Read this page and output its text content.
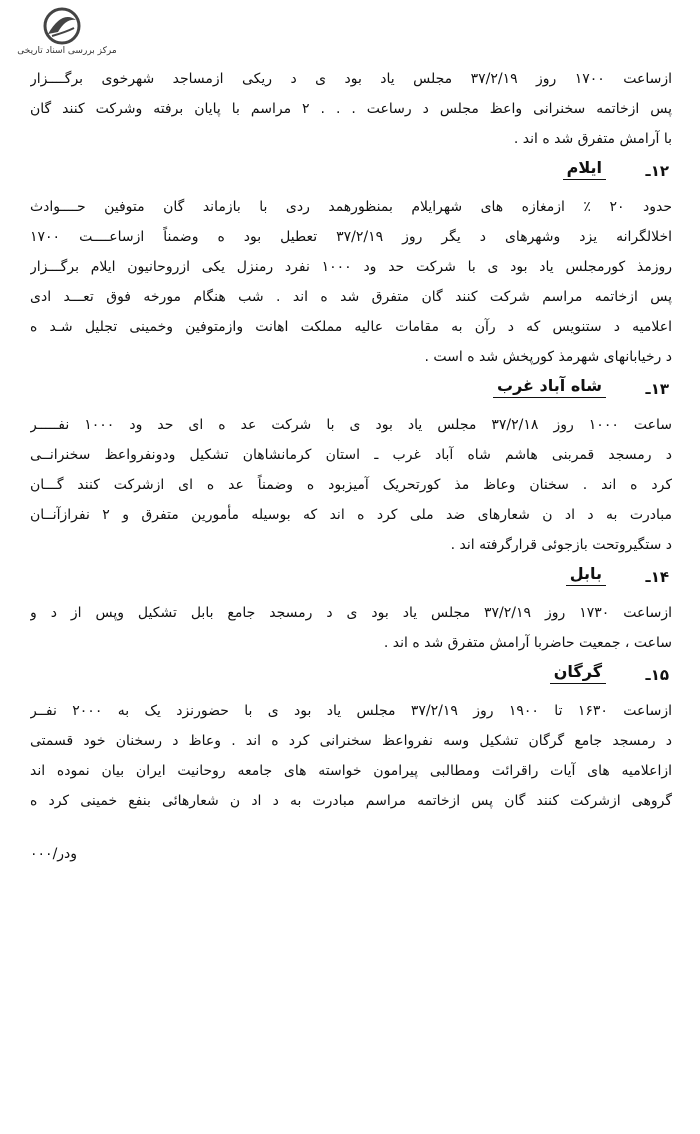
مرکز بررسی اسناد تاریخی
ازساعت ۱۷۰۰ روز ۳۷/۲/۱۹ مجلس یاد بود ی د ریکی ازمساجد شهرخوی برگــــزار
پس ازخاتمه سخنرانی واعظ مجلس د رساعت . . . ۲ مراسم با پایان برفته وشرکت کنند گان
با آرامش متفرق شد ه اند .
۱۲ـ
ایلام
حدود ۲۰ ٪ ازمغازه های شهرایلام بمنظورهمد ردی با بازماند گان متوفین حــــوادث
اخلالگرانه یزد وشهرهای د یگر روز ۳۷/۲/۱۹ تعطیل بود ه وضمناً ازساعــــت ۱۷۰۰
روزمذ کورمجلس یاد بود ی با شرکت حد ود ۱۰۰۰ نفرد رمنزل یکی ازروحانیون ایلام برگـــزار
پس ازخاتمه مراسم شرکت کنند گان متفرق شد ه اند . شب هنگام مورخه فوق تعـــد ادی
اعلامیه د ستنویس که د رآن به مقامات عالیه مملکت اهانت وازمتوفین وخمینی تجلیل شـد ه
د رخیابانهای شهرمذ کورپخش شد ه است .
۱۳ـ
شاه آباد غرب
ساعت ۱۰۰۰ روز ۳۷/۲/۱۸ مجلس یاد بود ی با شرکت عد ه ای حد ود ۱۰۰۰ نفـــــر
د رمسجد قمربنی هاشم شاه آباد غرب ـ استان کرمانشاهان تشکیل ودونفرواعظ سخنرانــی
کرد ه اند . سخنان وعاظ مذ کورتحریک آمیزبود ه وضمناً عد ه ای ازشرکت کنند گـــان
مبادرت به د اد ن شعارهای ضد ملی کرد ه اند که بوسیله مأمورین متفرق و ۲ نفرازآنــان
د ستگیروتحت بازجوئی قرارگرفته اند .
۱۴ـ
بابل
ازساعت ۱۷۳۰ روز ۳۷/۲/۱۹ مجلس یاد بود ی د رمسجد جامع بابل تشکیل وپس از د و
ساعت ، جمعیت حاضربا آرامش متفرق شد ه اند .
۱۵ـ
گرگان
ازساعت ۱۶۳۰ تا ۱۹۰۰ روز ۳۷/۲/۱۹ مجلس یاد بود ی با حضورنزد یک به ۲۰۰۰ نفــر
د رمسجد جامع گرگان تشکیل وسه نفرواعظ سخنرانی کرد ه اند . وعاظ د رسخنان خود قسمتی
ازاعلامیه های آیات راقرائت ومطالبی پیرامون خواسته های جامعه روحانیت ایران بیان نموده اند
گروهی ازشرکت کنند گان پس ازخاتمه مراسم مبادرت به د اد ن شعارهائی بنفع خمینی کرد ه
ودر/۰۰۰
